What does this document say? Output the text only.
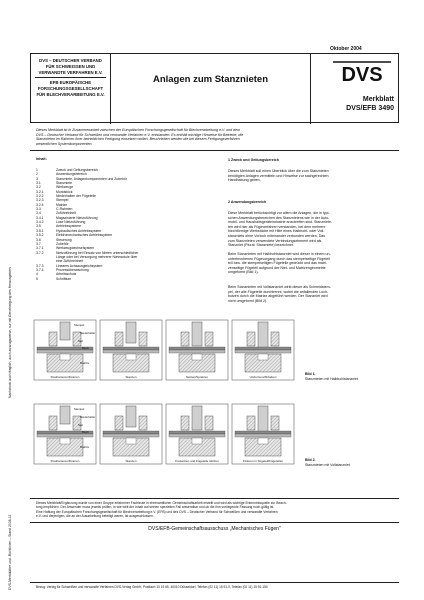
Nachdruck auch fraglich, auch auszugsweise, nur mit Genehmigung des Herausgebers
DVS-Merkblätter und -Richtlinien – Stand 2008-12
Oktober 2004
DVS – DEUTSCHER VERBAND
FÜR SCHWEISSEN UND
VERWANDTE VERFAHREN E.V.
EFB EUROPÄISCHE
FORSCHUNGSGESELLSCHAFT
FÜR BLECHVERARBEITUNG E.V.
Anlagen zum Stanznieten	DVS
Merkblatt
DVS/EFB 3490
Dieses Merkblatt ist in Zusammenarbeit zwischen der Europäischen Forschungsgesellschaft für Blechverarbeitung e.V. und dem
DVS – Deutscher Verband für Schweißen und verwandte Verfahren e.V. entstanden. Es enthält wichtige Hinweise für Betriebe, die
Stanznieten im Rahmen ihrer betrieblichen Fertigung einsetzen wollen. Beschrieben werden die bei diesem Fertigungsverfahren
wesentlichen Systemkomponenten.
Inhalt:
1	Zweck und Geltungsbereich
2	Anwendungsbereich
3	Stanzniete, Anlagenkomponenten und Zubehör
3.1	Stanzniete
3.2	Werkzeuge
3.2.1	Mundstück
3.2.2	Niederhalten der Fügeteile
3.2.3	Stempel
3.2.4	Matrize
3.3	C-Rahmen
3.4	Zuführeinheit
3.4.1	Magazinierte Nietzuführung
3.4.2	Lose Nietzuführung
3.5	Antriebssysteme
3.5.1	Hydraulisches Antriebssystem
3.5.2	Elektromechanisches Antriebssystem
3.6	Steuerung
3.7	Zubehör
3.7.1	Werkzeugwechselsystem
3.7.2	Nietzuführung bei Einsatz von Nieten unterschiedlicher
Länge oder bei Versorgung mehrerer Nietmodule über
eine Zuführeinheit
3.7.3	Lineares Achsausgleichsystem
3.7.4	Prozessüberwachung
4	Arbeitsschutz
5	Schrifttum
1 Zweck und Geltungsbereich
Dieses Merkblatt soll einen Überblick über die zum Stanznieten
benötigten Anlagen vermitteln und Hinweise zur sachgerechten
Handhabung geben.
2 Anwendungsbereich
Diese Merkblatt berücksichtigt vor allem die Anlagen, die in typi-
schen Anwendungsbereichen des Stanznietens wie in der Auto-
mobil- und Haushaltsgeräteindustrie anzutreffen sind. Stanzniete-
ten wird hier als Fügeverfahren verstanden, bei dem mehrere
blechförmige Werkstücke mit Hilfe eines Halbhohl- oder Voll-
stanzniets ohne Vorloch miteinander verbunden werden. Das
zum Stanznieten verwendete Verbindungselement wird als
Stanzniet (Plural: Stanzniete) bezeichnet.
Beim Stanznieten mit Halbhohlstanzniet wird dieser in einem un-
unterbrochenen Fügevorgang durch das stempelseitige Fügeteil
teil bzw. die stempelseitigen Fügeteile gedrückt und das matri-
zenseitige Fügeteil aufgrund der Niet- und Matrizengeometrie
umgeformt (Bild 1).
Beim Stanznieten mit Vollstanzniet wirkt dieser als Schneidstem-
pel, der alle Fügeteile durchtrennt, wobei die anfallenden Loch-
butzen durch die Matrize abgeführt werden. Der Stanzniet wird
nicht umgeformt (Bild 2).
Positionieren/Fixieren	Stanzen	Setzen/Spreizen	Umformen/Abheben
Stempel
Niederhalter
Niet
Blech
Matrize
Bild 1.
Stanznieten mit Halbhohlstanzniet.
Positionieren/Fixieren	Stanzen	Freisetzen und Fügeteile stützen	Fixieren in Fügeteil/Fügeteilen
Stempel
Niederhalter
Niet
Blech
Matrize
Bild 2.
Stanznieten mit Vollstanzniet.
Dieses Merkblatt/Ergänzung wurde von einer Gruppe erfahrener Fachleute in ehrenamtlicher Gemeinschaftsarbeit erstellt und wird als wichtige Erkenntnisquelle zur Beach-
tung empfohlen. Der Anwender muss jeweils prüfen, in wie weit der Inhalt auf seinen speziellen Fall anwendbar und ob die ihm vorliegende Fassung noch gültig ist.
Eine Haftung der Europäischen Forschungsgesellschaft für Blechverarbeitung e.V. (EFB) und des DVS – Deutscher Verband für Schweißen und verwandte Verfahren
e.V. und derjenigen, die an der Ausarbeitung beteiligt waren, ist ausgeschlossen.
DVS/EFB-Gemeinschaftsausschuss „Mechanisches Fügen"
Bezug: Verlag für Schweißen und verwandte Verfahren DVS-Verlag GmbH, Postfach 10 19 65, 40010 Düsseldorf, Telefon (02 11) 15 91-0, Telefax (02 11) 15 91-150
